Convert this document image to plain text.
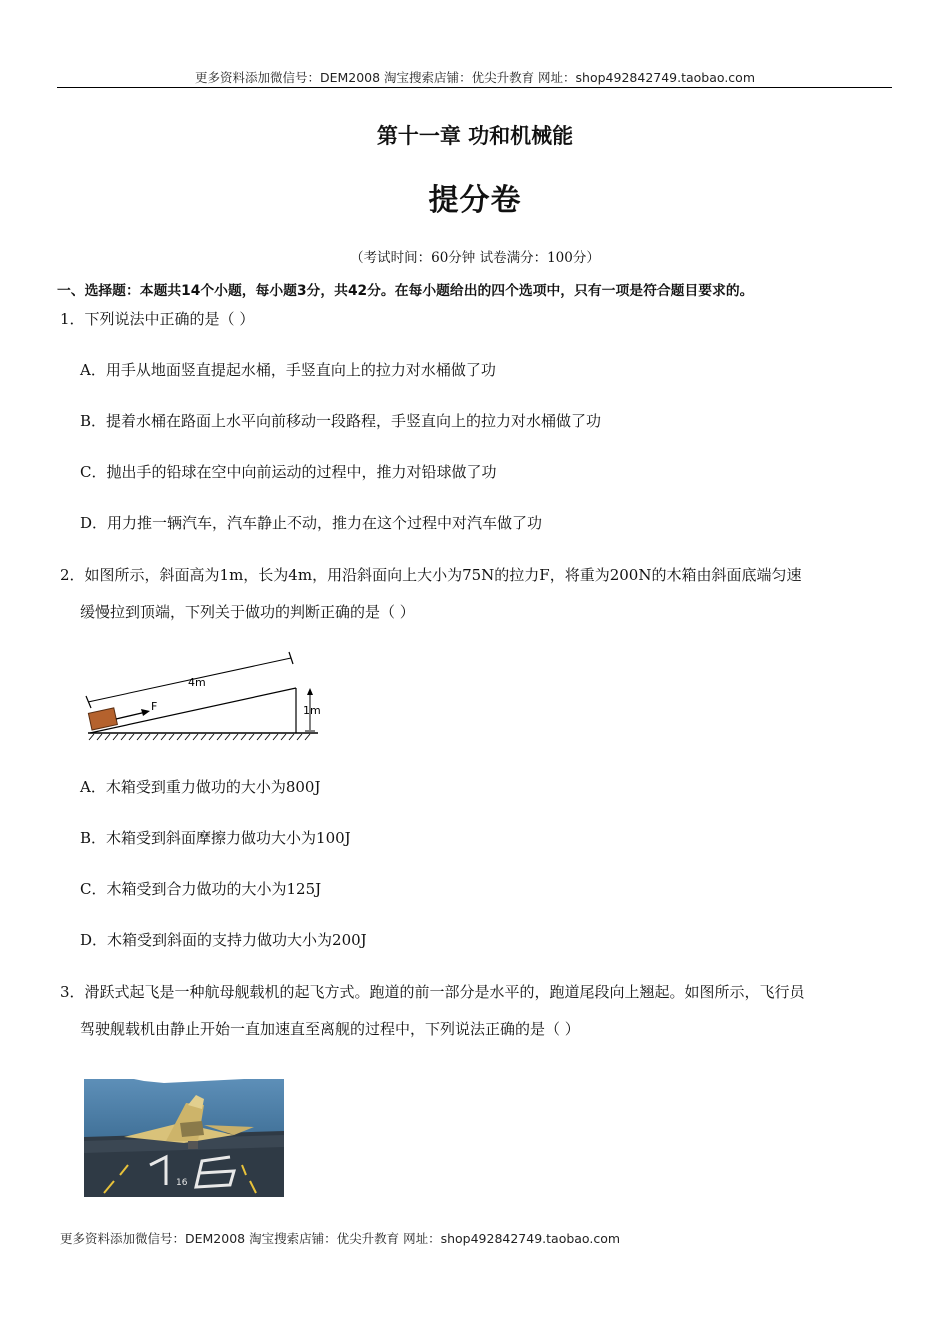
更多资料添加微信号：DEM2008 淘宝搜索店铺：优尖升教育 网址：shop492842749.taobao.com
第十一章 功和机械能
提分卷
（考试时间：60分钟 试卷满分：100分）
一、选择题：本题共14个小题，每小题3分，共42分。在每小题给出的四个选项中，只有一项是符合题目要求的。
1．下列说法中正确的是（ ）
A．用手从地面竖直提起水桶，手竖直向上的拉力对水桶做了功
B．提着水桶在路面上水平向前移动一段路程，手竖直向上的拉力对水桶做了功
C．抛出手的铅球在空中向前运动的过程中，推力对铅球做了功
D．用力推一辆汽车，汽车静止不动，推力在这个过程中对汽车做了功
2．如图所示，斜面高为1m，长为4m，用沿斜面向上大小为75N的拉力F，将重为200N的木箱由斜面底端匀速
缓慢拉到顶端，下列关于做功的判断正确的是（ ）
4m
1m
F
A．木箱受到重力做功的大小为800J
B．木箱受到斜面摩擦力做功大小为100J
C．木箱受到合力做功的大小为125J
D．木箱受到斜面的支持力做功大小为200J
3．滑跃式起飞是一种航母舰载机的起飞方式。跑道的前一部分是水平的，跑道尾段向上翘起。如图所示，飞行员
驾驶舰载机由静止开始一直加速直至离舰的过程中，下列说法正确的是（ ）
16
更多资料添加微信号：DEM2008 淘宝搜索店铺：优尖升教育 网址：shop492842749.taobao.com
